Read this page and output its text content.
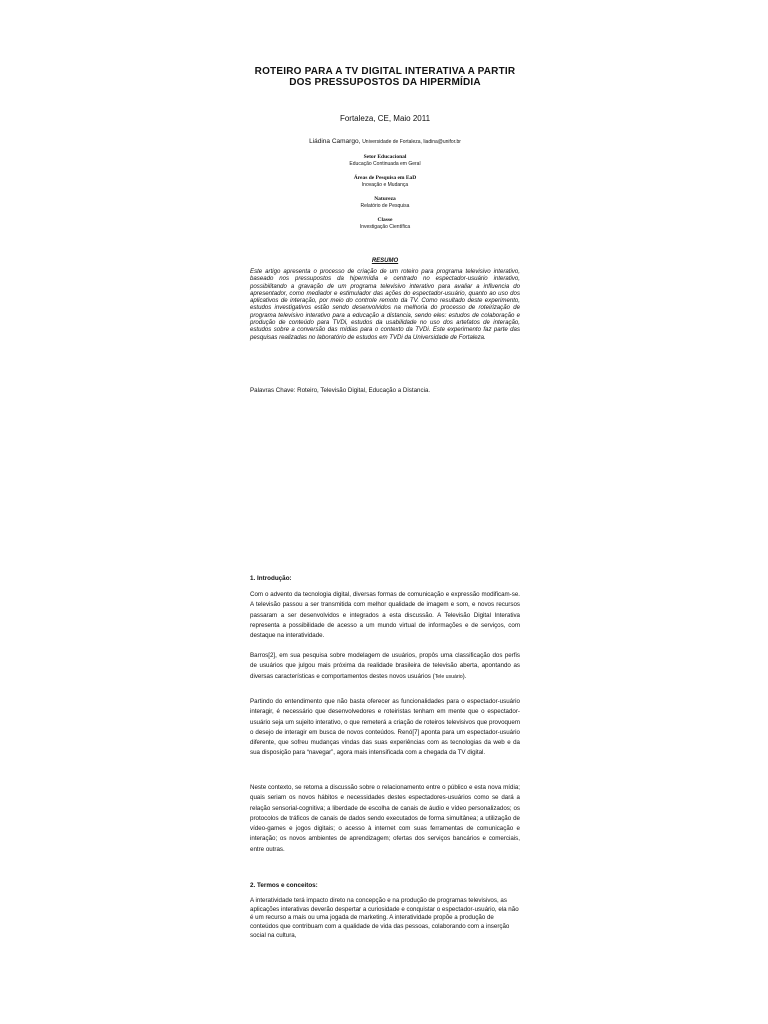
ROTEIRO PARA A TV DIGITAL INTERATIVA A PARTIR
DOS PRESSUPOSTOS DA HIPERMÍDIA
Fortaleza, CE, Maio 2011
Liádina Camargo, Universidade de Fortaleza, liadina@unifor.br
Setor Educacional
Educação Continuada em Geral
Áreas de Pesquisa em EaD
Inovação e Mudança
Natureza
Relatório de Pesquisa
Classe
Investigação Científica
RESUMO
Este artigo apresenta o processo de criação de um roteiro para programa televisivo interativo, baseado nos pressupostos da hipermídia e centrado no espectador-usuário interativo, possibilitando a gravação de um programa televisivo interativo para avaliar a influencia do apresentador, como mediador e estimulador das ações do espectador-usuário, quanto ao uso dos aplicativos de interação, por meio do controle remoto da TV. Como resultado deste experimento, estudos investigativos estão sendo desenvolvidos na melhoria do processo de roteirização de programa televisivo interativo para a educação a distancia, sendo eles: estudos de colaboração e produção de conteúdo para TVDi, estudos da usabilidade no uso dos artefatos de interação, estudos sobre a conversão das mídias para o contexto da TVDi. Este experimento faz parte das pesquisas realizadas no laboratório de estudos em TVDi da Universidade de Fortaleza.
Palavras Chave: Roteiro, Televisão Digital, Educação a Distancia.
1. Introdução:
Com o advento da tecnologia digital, diversas formas de comunicação e expressão modificam-se. A televisão passou a ser transmitida com melhor qualidade de imagem e som, e novos recursos passaram a ser desenvolvidos e integrados a esta discussão. A Televisão Digital Interativa representa a possibilidade de acesso a um mundo virtual de informações e de serviços, com destaque na interatividade.
Barros[2], em sua pesquisa sobre modelagem de usuários, propôs uma classificação dos perfis de usuários que julgou mais próxima da realidade brasileira de televisão aberta, apontando as diversas características e comportamentos destes novos usuários (Tele usuário).
Partindo do entendimento que não basta oferecer as funcionalidades para o espectador-usuário interagir, é necessário que desenvolvedores e roteiristas tenham em mente que o espectador-usuário seja um sujeito interativo, o que remeterá a criação de roteiros televisivos que provoquem o desejo de interagir em busca de novos conteúdos. Renó[7] aponta para um espectador-usuário diferente, que sofreu mudanças vindas das suas experiências com as tecnologias da web e da sua disposição para “navegar”, agora mais intensificada com a chegada da TV digital.
Neste contexto, se retoma a discussão sobre o relacionamento entre o público e esta nova mídia; quais seriam os novos hábitos e necessidades destes espectadores-usuários como se dará a relação sensorial-cognitiva; a liberdade de escolha de canais de áudio e vídeo personalizados; os protocolos de tráficos de canais de dados sendo executados de forma simultânea; a utilização de vídeo-games e jogos digitais; o acesso à internet com suas ferramentas de comunicação e interação; os novos ambientes de aprendizagem; ofertas dos serviços bancários e comerciais, entre outras.
2. Termos e conceitos:
A interatividade terá impacto direto na concepção e na produção de programas televisivos, as aplicações interativas deverão despertar a curiosidade e conquistar o espectador-usuário, ela não é um recurso a mais ou uma jogada de marketing. A interatividade propõe a produção de conteúdos que contribuam com a qualidade de vida das pessoas, colaborando com a inserção social na cultura,
